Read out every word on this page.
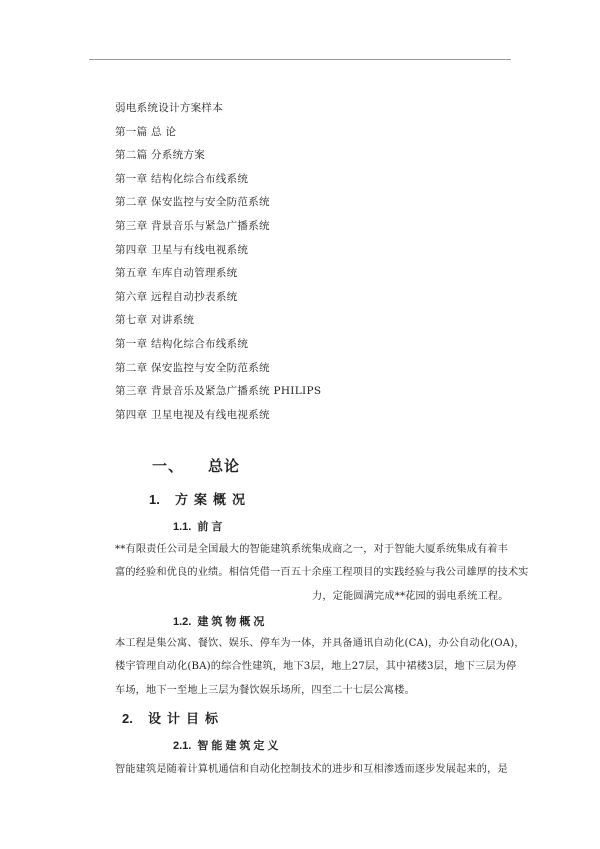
弱电系统设计方案样本
第一篇 总 论
第二篇 分系统方案
第一章 结构化综合布线系统
第二章 保安监控与安全防范系统
第三章 背景音乐与紧急广播系统
第四章 卫星与有线电视系统
第五章 车库自动管理系统
第六章 远程自动抄表系统
第七章 对讲系统
第一章 结构化综合布线系统
第二章 保安监控与安全防范系统
第三章 背景音乐及紧急广播系统 PHILIPS
第四章 卫星电视及有线电视系统
一、 总论
1. 方案概况
1.1. 前言
**有限责任公司是全国最大的智能建筑系统集成商之一，对于智能大厦系统集成有着丰
富的经验和优良的业绩。相信凭借一百五十余座工程项目的实践经验与我公司雄厚的技术实
力，定能圆满完成**花园的弱电系统工程。
1.2. 建筑物概况
本工程是集公寓、餐饮、娱乐、停车为一体，并具备通讯自动化(CA)，办公自动化(OA)，
楼宇管理自动化(BA)的综合性建筑，地下3层，地上27层，其中裙楼3层，地下三层为停
车场，地下一至地上三层为餐饮娱乐场所，四至二十七层公寓楼。
2. 设计目标
2.1. 智能建筑定义
智能建筑是随着计算机通信和自动化控制技术的进步和互相渗透而逐步发展起来的，是
